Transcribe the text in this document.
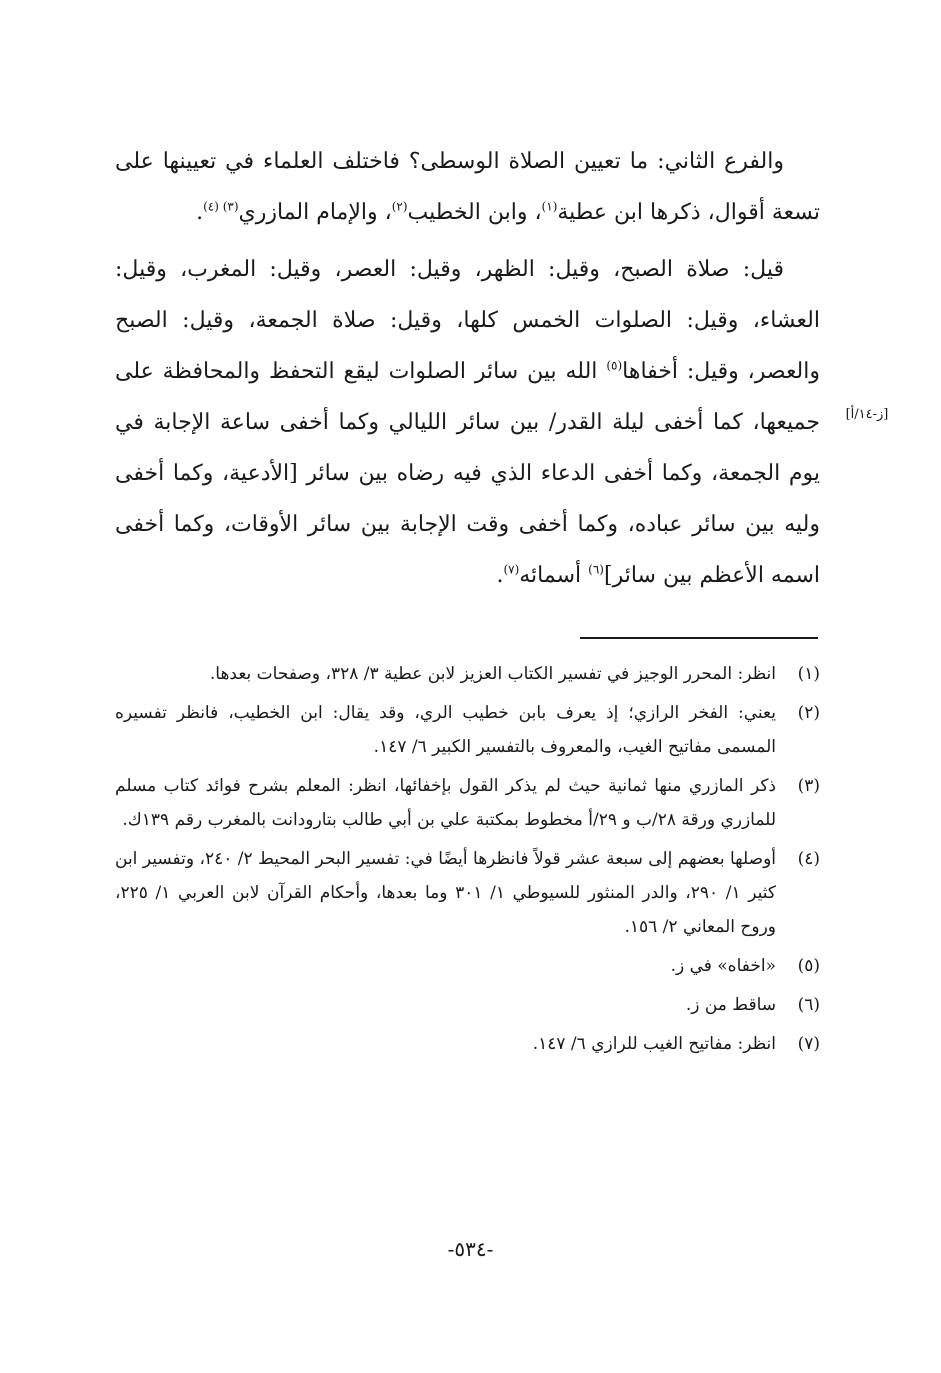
والفرع الثاني: ما تعيين الصلاة الوسطى؟ فاختلف العلماء في تعيينها على تسعة أقوال، ذكرها ابن عطية$^{(١)}$، وابن الخطيب$^{(٢)}$، والإمام المازري$^{(٣) (٤)}$.

قيل: صلاة الصبح، وقيل: الظهر، وقيل: العصر، وقيل: المغرب، وقيل: العشاء، وقيل: الصلوات الخمس كلها، وقيل: صلاة الجمعة، وقيل: الصبح والعصر، وقيل: أخفاها$^{(٥)}$ الله بين سائر الصلوات ليقع التحفظ والمحافظة على جميعها، كما أخفى ليلة القدر/ بين سائر الليالي وكما أخفى ساعة الإجابة في يوم الجمعة، وكما أخفى الدعاء الذي فيه رضاه بين سائر [الأدعية، وكما أخفى وليه بين سائر عباده، وكما أخفى وقت الإجابة بين سائر الأوقات، وكما أخفى اسمه الأعظم بين سائر]$^{(٦)}$ أسمائه$^{(٧)}$.

[ز-١٤/أ]
(١)
انظر: المحرر الوجيز في تفسير الكتاب العزيز لابن عطية ٣/ ٣٢٨، وصفحات بعدها.
(٢)
يعني: الفخر الرازي؛ إذ يعرف بابن خطيب الري، وقد يقال: ابن الخطيب، فانظر تفسيره المسمى مفاتيح الغيب، والمعروف بالتفسير الكبير ٦/ ١٤٧.
(٣)
ذكر المازري منها ثمانية حيث لم يذكر القول بإخفائها، انظر: المعلم بشرح فوائد كتاب مسلم للمازري ورقة ٢٨/ب و ٢٩/أ مخطوط بمكتبة علي بن أبي طالب بتارودانت بالمغرب رقم ١٣٩ك.
(٤)
أوصلها بعضهم إلى سبعة عشر قولاً فانظرها أيضًا في: تفسير البحر المحيط ٢/ ٢٤٠، وتفسير ابن كثير ١/ ٢٩٠، والدر المنثور للسيوطي ١/ ٣٠١ وما بعدها، وأحكام القرآن لابن العربي ١/ ٢٢٥، وروح المعاني ٢/ ١٥٦.
(٥)
«اخفاه» في ز.
(٦)
ساقط من ز.
(٧)
انظر: مفاتيح الغيب للرازي ٦/ ١٤٧.
-٥٣٤-
